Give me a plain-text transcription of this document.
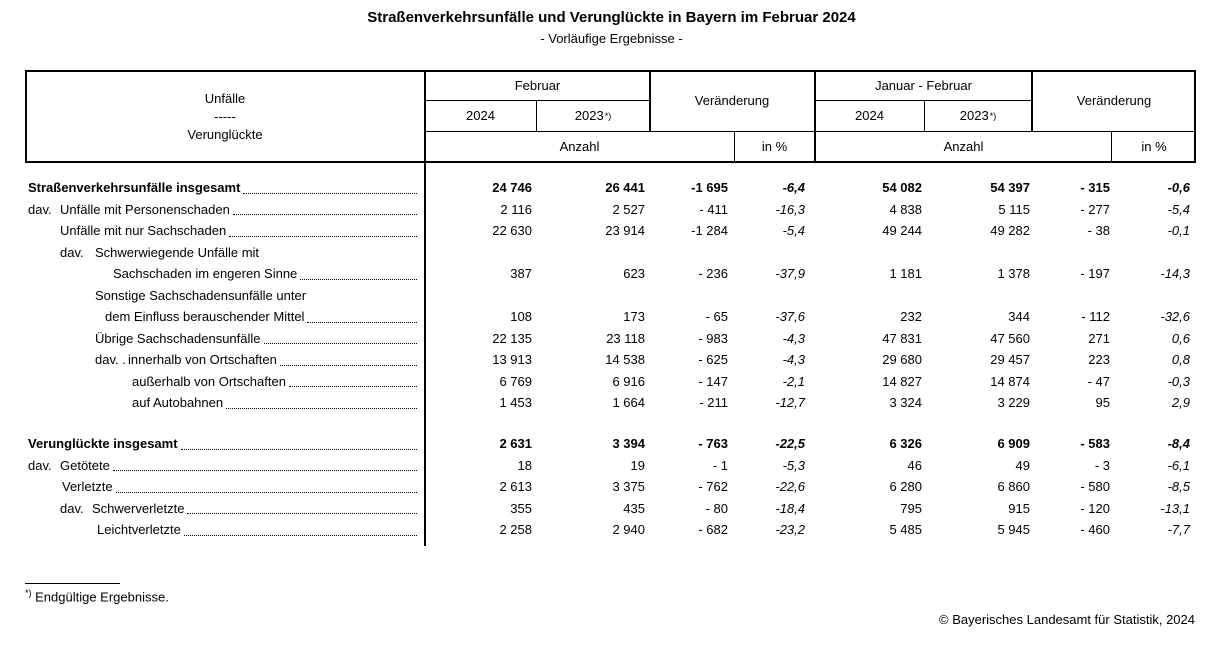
Straßenverkehrsunfälle und Verunglückte in Bayern im Februar 2024
- Vorläufige Ergebnisse -
Unfälle
-----
Verunglückte
Februar
Veränderung
Januar - Februar
Veränderung
2024	2023 *)	2024	2023 *)
Anzahl	in %	Anzahl	in %
Straßenverkehrsunfälle insgesamt	24 746	26 441	-1 695	-6,4	54 082	54 397	- 315	-0,6
dav. Unfälle mit Personenschaden	2 116	2 527	- 411	-16,3	4 838	5 115	- 277	-5,4
Unfälle mit nur Sachschaden	22 630	23 914	-1 284	-5,4	49 244	49 282	- 38	-0,1
dav. Schwerwiegende Unfälle mit
Sachschaden im engeren Sinne	387	623	- 236	-37,9	1 181	1 378	- 197	-14,3
Sonstige Sachschadensunfälle unter
dem Einfluss berauschender Mittel	108	173	- 65	-37,6	232	344	- 112	-32,6
Übrige Sachschadensunfälle	22 135	23 118	- 983	-4,3	47 831	47 560	271	0,6
dav. . innerhalb von Ortschaften	13 913	14 538	- 625	-4,3	29 680	29 457	223	0,8
außerhalb von Ortschaften	6 769	6 916	- 147	-2,1	14 827	14 874	- 47	-0,3
auf Autobahnen	1 453	1 664	- 211	-12,7	3 324	3 229	95	2,9
Verunglückte insgesamt	2 631	3 394	- 763	-22,5	6 326	6 909	- 583	-8,4
dav. Getötete	18	19	- 1	-5,3	46	49	- 3	-6,1
Verletzte	2 613	3 375	- 762	-22,6	6 280	6 860	- 580	-8,5
dav. Schwerverletzte	355	435	- 80	-18,4	795	915	- 120	-13,1
Leichtverletzte	2 258	2 940	- 682	-23,2	5 485	5 945	- 460	-7,7
*) Endgültige Ergebnisse.
© Bayerisches Landesamt für Statistik, 2024
